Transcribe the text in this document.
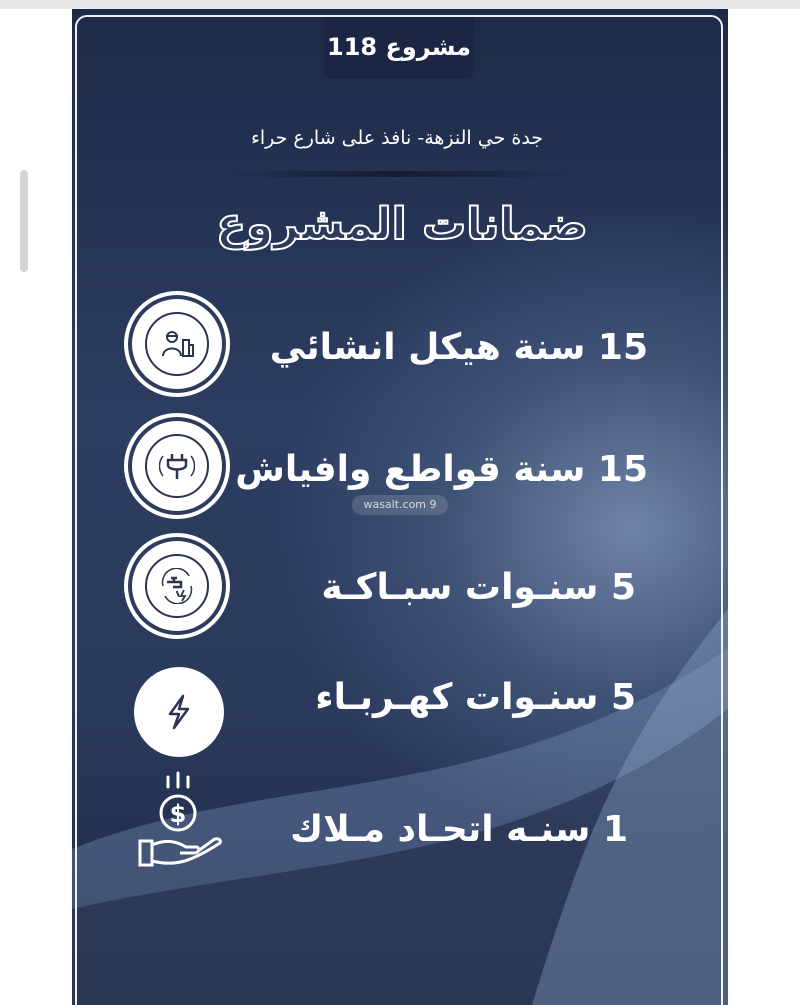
مشروع 118
جدة حي النزهة- نافذ على شارع حراء
ضمانات المشروع
15 سنة هيكل انشائي
15 سنة قواطع وافياش
wasalt.com 9
5 سنـوات سبـاكـة
5 سنـوات كهـربـاء
$	1 سنـه اتحـاد مـلاك
